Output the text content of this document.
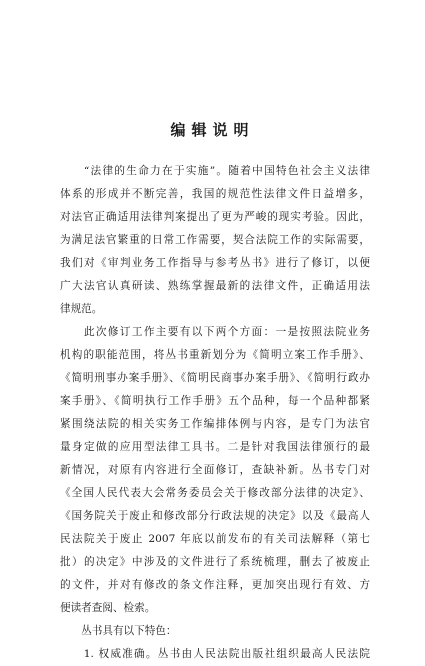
编辑说明
　　“法律的生命力在于实施”。随着中国特色社会主义法律
体系的形成并不断完善，我国的规范性法律文件日益增多，
对法官正确适用法律判案提出了更为严峻的现实考验。因此，
为满足法官繁重的日常工作需要，契合法院工作的实际需要，
我们对《审判业务工作指导与参考丛书》进行了修订，以便
广大法官认真研读、熟练掌握最新的法律文件，正确适用法
律规范。
　　此次修订工作主要有以下两个方面：一是按照法院业务
机构的职能范围，将丛书重新划分为《简明立案工作手册》、
《简明刑事办案手册》、《简明民商事办案手册》、《简明行政办
案手册》、《简明执行工作手册》五个品种，每一个品种都紧
紧围绕法院的相关实务工作编排体例与内容，是专门为法官
量身定做的应用型法律工具书。二是针对我国法律颁行的最
新情况，对原有内容进行全面修订，查缺补新。丛书专门对
《全国人民代表大会常务委员会关于修改部分法律的决定》、
《国务院关于废止和修改部分行政法规的决定》以及《最高人
民法院关于废止 2007 年底以前发布的有关司法解释（第七
批）的决定》中涉及的文件进行了系统梳理，删去了被废止
的文件，并对有修改的条文作注释，更加突出现行有效、方
便读者查阅、检索。
　　丛书具有以下特色：
　　1. 权威准确。丛书由人民法院出版社组织最高人民法院
